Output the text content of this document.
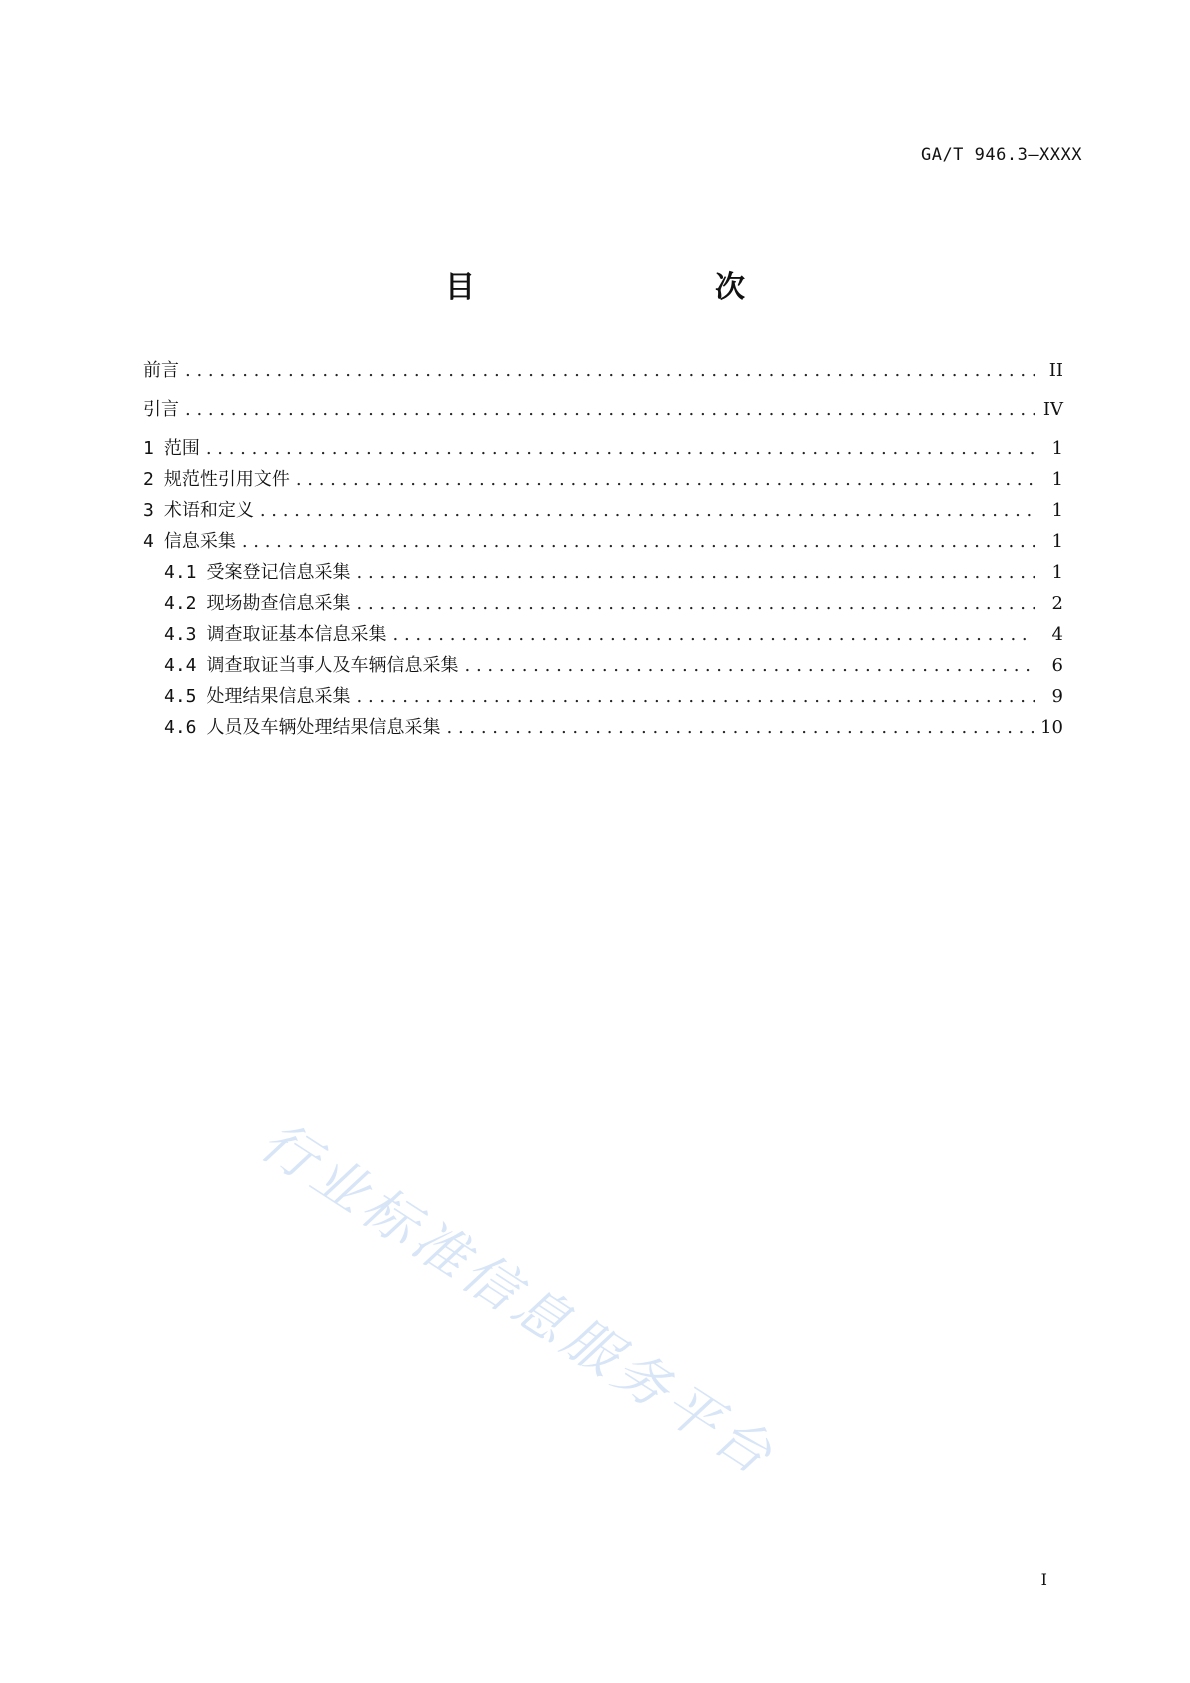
GA/T 946.3—XXXX
目　　次
前言 . . .	II
引言 . . .	IV
1 范围 . . .	1
2 规范性引用文件 . . .	1
3 术语和定义 . . .	1
4 信息采集 . . .	1
4.1 受案登记信息采集 . . .	1
4.2 现场勘查信息采集 . . .	2
4.3 调查取证基本信息采集 . . .	4
4.4 调查取证当事人及车辆信息采集 . . .	6
4.5 处理结果信息采集 . . .	9
4.6 人员及车辆处理结果信息采集 . . .	10
行业标准信息服务平台
I
